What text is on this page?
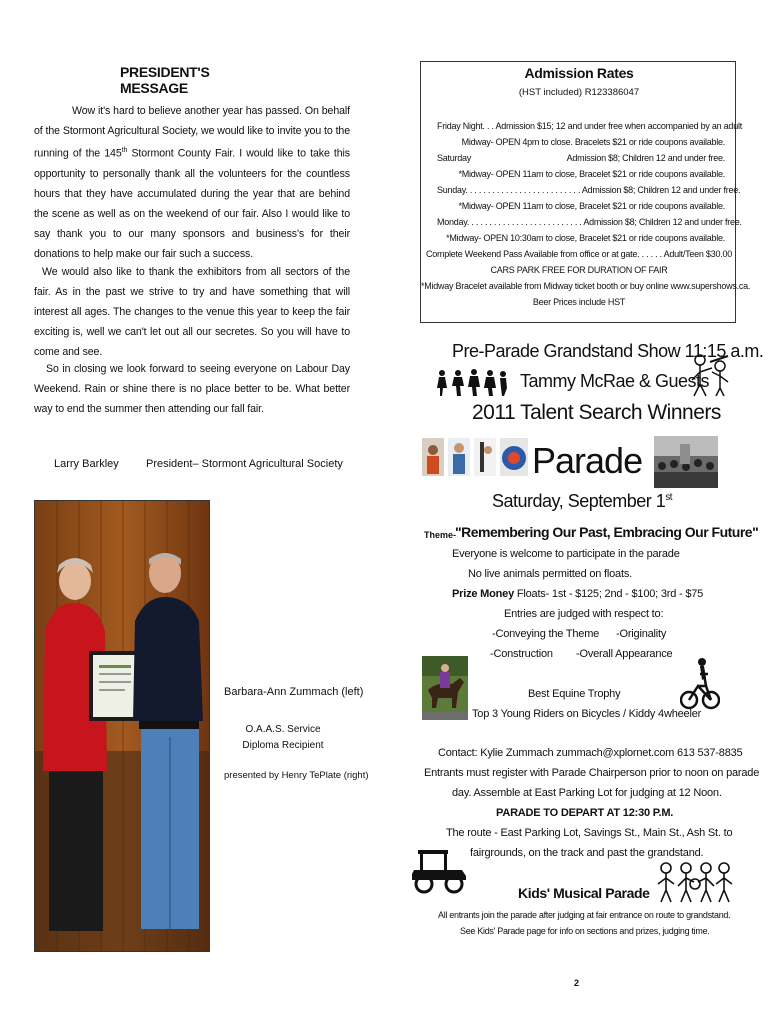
PRESIDENT'S MESSAGE

Wow it's hard to believe another year has passed. On behalf of the Stormont Agricultural Society, we would like to invite you to the running of the 145th Stormont County Fair. I would like to take this opportunity to personally thank all the volunteers for the countless hours that they have accumulated during the year that are behind the scene as well as on the weekend of our fair. Also I would like to say thank you to our many sponsors and business's for their donations to help make our fair such a success.

We would also like to thank the exhibitors from all sectors of the fair. As in the past we strive to try and have something that will interest all ages. The changes to the venue this year to keep the fair exciting is, well we can't let out all our secretes. So you will have to come and see.

So in closing we look forward to seeing everyone on Labour Day Weekend. Rain or shine there is no place better to be. What better way to end the summer then attending our fall fair.

Larry Barkley President– Stormont Agricultural Society
Barbara-Ann Zummach (left)
O.A.A.S. Service Diploma Recipient
presented by Henry TePlate (right)
Admission Rates
(HST included) R123386047
Friday Night. . . Admission $15; 12 and under free when accompanied by an adult
Midway- OPEN 4pm to close. Bracelets $21 or ride coupons available.
Saturday	Admission $8; Children 12 and under free.
*Midway- OPEN 11am to close, Bracelet $21 or ride coupons available.
Sunday. . . . . . . . . . . . . . . . . . . . . . . . . . Admission $8; Children 12 and under free.
*Midway- OPEN 11am to close, Bracelet $21 or ride coupons available.
Monday. . . . . . . . . . . . . . . . . . . . . . . . . . Admission $8; Children 12 and under free.
*Midway- OPEN 10:30am to close, Bracelet $21 or ride coupons available.
Complete Weekend Pass Available from office or at gate. . . . . . Adult/Teen $30.00
CARS PARK FREE FOR DURATION OF FAIR
*Midway Bracelet available from Midway ticket booth or buy online www.supershows.ca.
Beer Prices include HST
Pre-Parade Grandstand Show 11:15 a.m.
Tammy McRae & Guests
2011 Talent Search Winners
Parade
Saturday, September 1st
Theme-
"Remembering Our Past, Embracing Our Future"
Everyone is welcome to participate in the parade
No live animals permitted on floats.
Prize Money Floats- 1st - $125; 2nd - $100; 3rd - $75
Entries are judged with respect to:
-Conveying the Theme -Originality
-Construction -Overall Appearance
Best Equine Trophy
Top 3 Young Riders on Bicycles / Kiddy 4wheeler
Contact: Kylie Zummach zummach@xplornet.com 613 537-8835
Entrants must register with Parade Chairperson prior to noon on parade
day. Assemble at East Parking Lot for judging at 12 Noon.
PARADE TO DEPART AT 12:30 P.M.
The route - East Parking Lot, Savings St., Main St., Ash St. to
fairgrounds, on the track and past the grandstand.
Kids' Musical Parade
All entrants join the parade after judging at fair entrance on route to grandstand.
See Kids' Parade page for info on sections and prizes, judging time.
2
